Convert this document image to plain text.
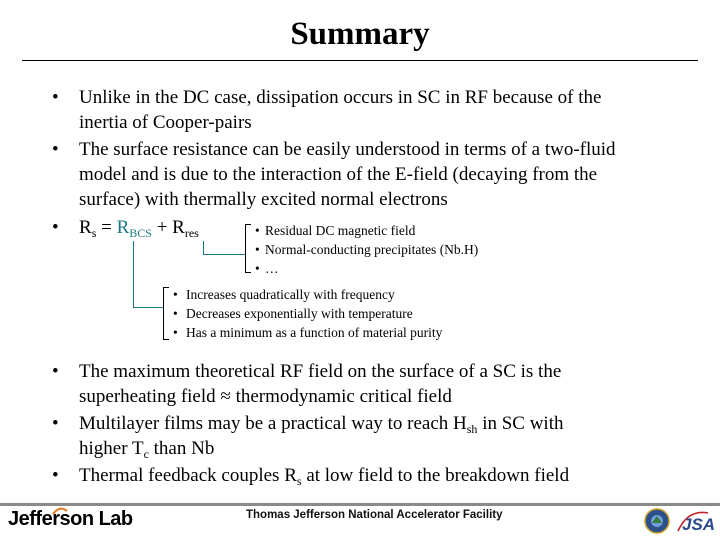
Summary
• Unlike in the DC case, dissipation occurs in SC in RF because of the
inertia of Cooper-pairs
• The surface resistance can be easily understood in terms of a two-fluid
model and is due to the interaction of the E-field (decaying from the
surface) with thermally excited normal electrons
• $R_s = R_{BCS} + R_{res}$	• Residual DC magnetic field
• Normal-conducting precipitates (Nb.H)
• …
• Increases quadratically with frequency
• Decreases exponentially with temperature
• Has a minimum as a function of material purity
• The maximum theoretical RF field on the surface of a SC is the
superheating field ≈ thermodynamic critical field
• Multilayer films may be a practical way to reach $H_{sh}$ in SC with
higher $T_c$ than Nb
• Thermal feedback couples $R_s$ at low field to the breakdown field
Jefferson Lab	Thomas Jefferson National Accelerator Facility	JSA
